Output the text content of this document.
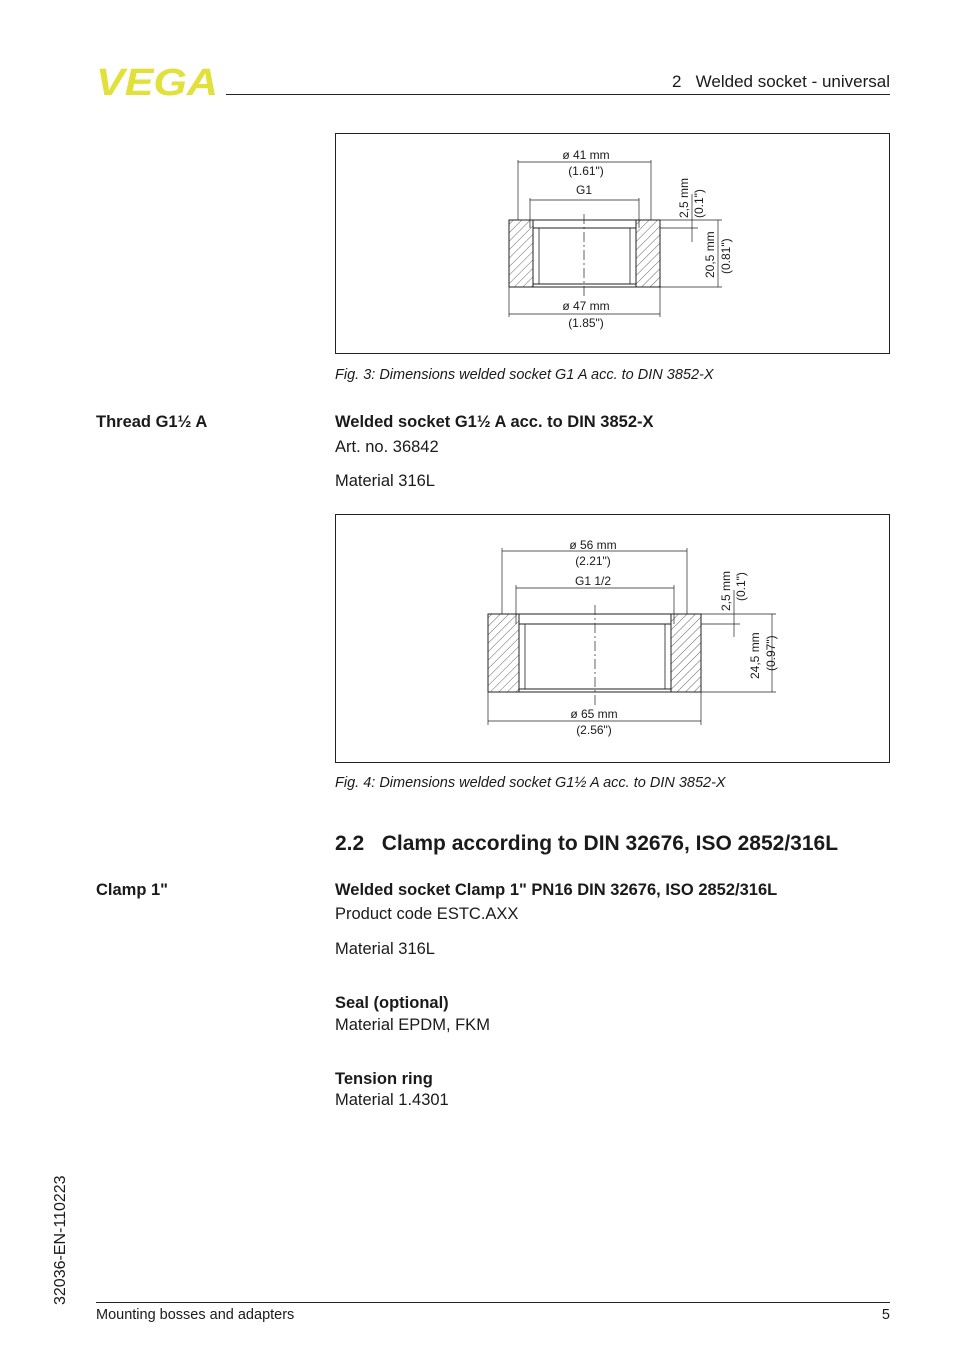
VEGA	2   Welded socket - universal
ø 41 mm
(1.61")
G1
ø 47 mm
(1.85")
2,5 mm (0.1")
20,5 mm (0.81")
Fig. 3: Dimensions welded socket G1 A acc. to DIN 3852-X
Thread G1½ A	Welded socket G1½ A acc. to DIN 3852-X
Art. no. 36842
Material 316L
ø 56 mm
(2.21")
G1 1/2
ø 65 mm
(2.56")
2,5 mm (0.1")
24,5 mm (0.97")
Fig. 4: Dimensions welded socket G1½ A acc. to DIN 3852-X
2.2   Clamp according to DIN 32676, ISO 2852/316L
Clamp 1"	Welded socket Clamp 1" PN16 DIN 32676, ISO 2852/316L
Product code ESTC.AXX
Material 316L
Seal (optional)
Material EPDM, FKM
Tension ring
Material 1.4301
32036-EN-110223
Mounting bosses and adapters	5
